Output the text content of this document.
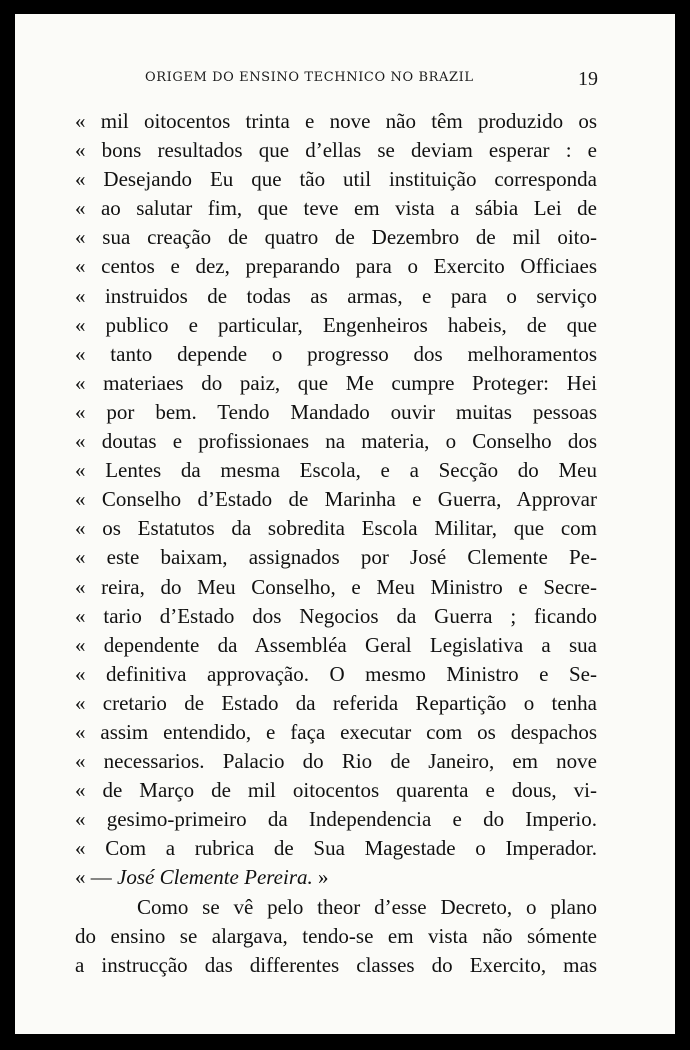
ORIGEM DO ENSINO TECHNICO NO BRAZIL	19
« mil oitocentos trinta e nove não têm produzido os
« bons resultados que d’ellas se deviam esperar : e
« Desejando Eu que tão util instituição corresponda
« ao salutar fim, que teve em vista a sábia Lei de
« sua creação de quatro de Dezembro de mil oito-
« centos e dez, preparando para o Exercito Officiaes
« instruidos de todas as armas, e para o serviço
« publico e particular, Engenheiros habeis, de que
« tanto depende o progresso dos melhoramentos
« materiaes do paiz, que Me cumpre Proteger: Hei
« por bem. Tendo Mandado ouvir muitas pessoas
« doutas e profissionaes na materia, o Conselho dos
« Lentes da mesma Escola, e a Secção do Meu
« Conselho d’Estado de Marinha e Guerra, Approvar
« os Estatutos da sobredita Escola Militar, que com
« este baixam, assignados por José Clemente Pe-
« reira, do Meu Conselho, e Meu Ministro e Secre-
« tario d’Estado dos Negocios da Guerra ; ficando
« dependente da Assembléa Geral Legislativa a sua
« definitiva approvação. O mesmo Ministro e Se-
« cretario de Estado da referida Repartição o tenha
« assim entendido, e faça executar com os despachos
« necessarios. Palacio do Rio de Janeiro, em nove
« de Março de mil oitocentos quarenta e dous, vi-
« gesimo-primeiro da Independencia e do Imperio.
« Com a rubrica de Sua Magestade o Imperador.
« — José Clemente Pereira. »
Como se vê pelo theor d’esse Decreto, o plano
do ensino se alargava, tendo-se em vista não sómente
a instrucção das differentes classes do Exercito, mas
